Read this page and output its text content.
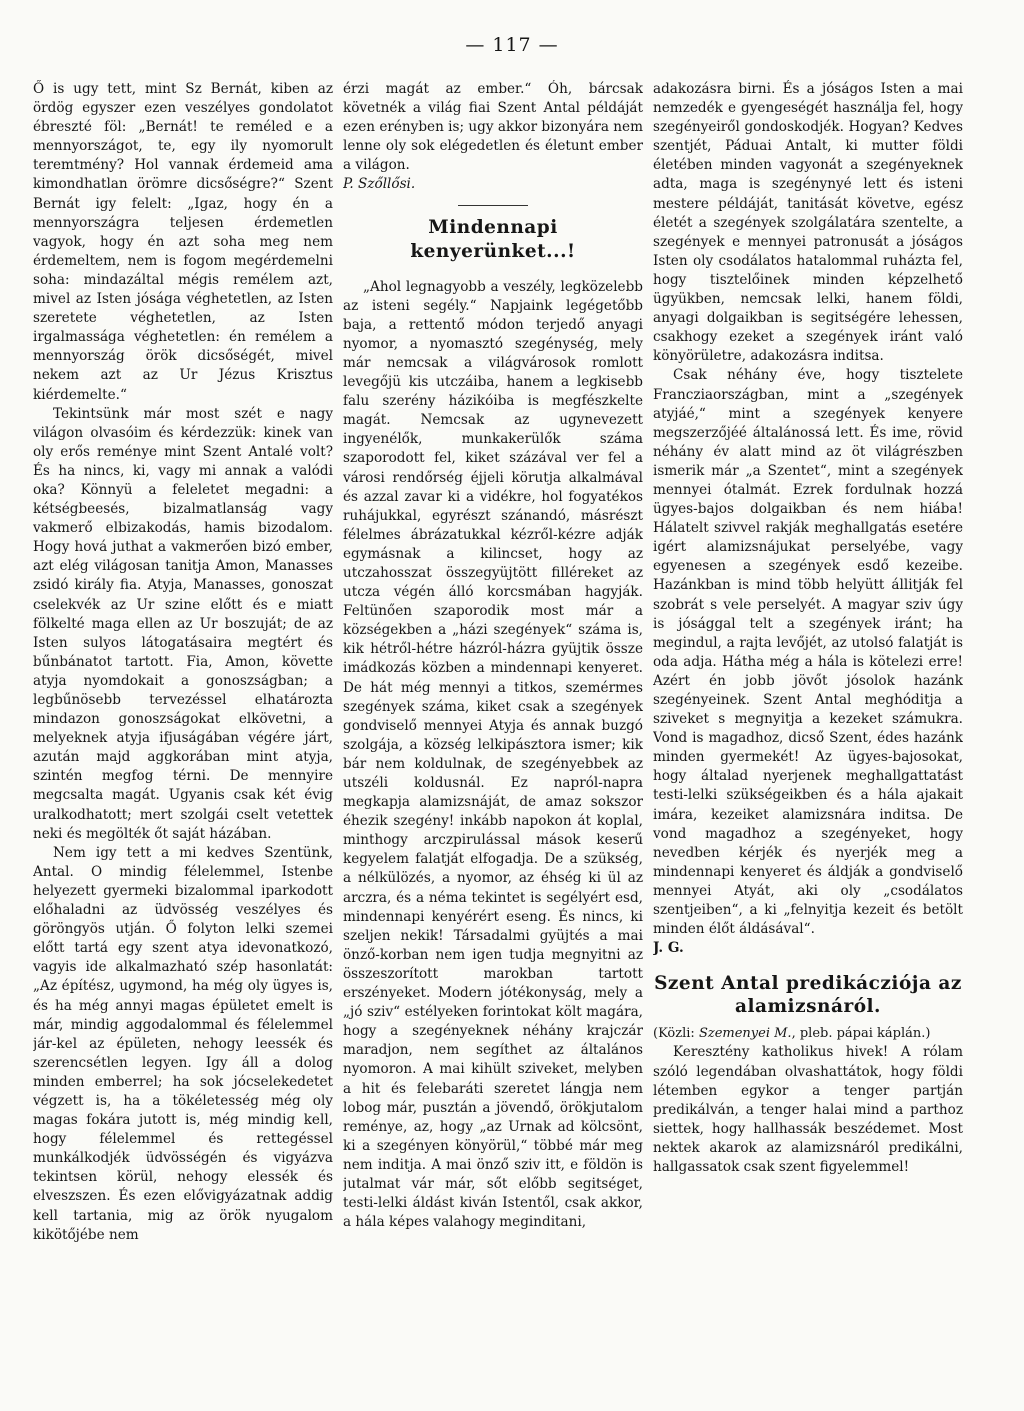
— 117 —

Ő is ugy tett, mint Sz Bernát, kiben az ördög egyszer ezen veszélyes gondolatot ébreszté föl: „Bernát! te reméled e a mennyországot, te, egy ily nyomorult teremtmény? Hol vannak érdemeid ama kimondhatlan örömre dicsőségre?“ Szent Bernát igy felelt: „Igaz, hogy én a mennyországra teljesen érdemetlen vagyok, hogy én azt soha meg nem érdemeltem, nem is fogom megérdemelni soha: mindazáltal mégis remélem azt, mivel az Isten jósága véghetetlen, az Isten szeretete véghetetlen, az Isten irgalmassága véghetetlen: én remélem a mennyország örök dicsőségét, mivel nekem azt az Ur Jézus Krisztus kiérdemelte.“

Tekintsünk már most szét e nagy világon olvasóim és kérdezzük: kinek van oly erős reménye mint Szent Antalé volt? És ha nincs, ki, vagy mi annak a valódi oka? Könnyü a feleletet megadni: a kétségbeesés, bizalmatlanság vagy vakmerő elbizakodás, hamis bizodalom. Hogy hová juthat a vakmerően bizó ember, azt elég világosan tanitja Amon, Manasses zsidó király fia. Atyja, Manasses, gonoszat cselekvék az Ur szine előtt és e miatt fölkelté maga ellen az Ur boszuját; de az Isten sulyos látogatásaira megtért és bűnbánatot tartott. Fia, Amon, követte atyja nyomdokait a gonoszságban; a legbűnösebb tervezéssel elhatározta mindazon gonoszságokat elkövetni, a melyeknek atyja ifjuságában végére járt, azután majd aggkorában mint atyja, szintén megfog térni. De mennyire megcsalta magát. Ugyanis csak két évig uralkodhatott; mert szolgái cselt vetettek neki és megölték őt saját házában.

Nem igy tett a mi kedves Szentünk, Antal. O mindig félelemmel, Istenbe helyezett gyermeki bizalommal iparkodott előhaladni az üdvösség veszélyes és göröngyös utján. Ő folyton lelki szemei előtt tartá egy szent atya idevonatkozó, vagyis ide alkalmazható szép hasonlatát: „Az építész, ugymond, ha még oly ügyes is, és ha még annyi magas épületet emelt is már, mindig aggodalommal és félelemmel jár-kel az épületen, nehogy leessék és szerencsétlen legyen. Igy áll a dolog minden emberrel; ha sok jócselekedetet végzett is, ha a tökéletesség még oly magas fokára jutott is, még mindig kell, hogy félelemmel és rettegéssel munkálkodjék üdvösségén és vigyázva tekintsen körül, nehogy elessék és elveszszen. És ezen elővigyázatnak addig kell tartania, mig az örök nyugalom kikötőjébe nem

érzi magát az ember.“ Óh, bárcsak követnék a világ fiai Szent Antal példáját ezen erényben is; ugy akkor bizonyára nem lenne oly sok elégedetlen és életunt ember a világon.

P. Szőllősi.

Mindennapi kenyerünket...!

„Ahol legnagyobb a veszély, legközelebb az isteni segély.“ Napjaink legégetőbb baja, a rettentő módon terjedő anyagi nyomor, a nyomasztó szegénység, mely már nemcsak a világvárosok romlott levegőjü kis utczáiba, hanem a legkisebb falu szerény házikóiba is megfészkelte magát. Nemcsak az ugynevezett ingyenélők, munkakerülők száma szaporodott fel, kiket százával ver fel a városi rendőrség éjjeli körutja alkalmával és azzal zavar ki a vidékre, hol fogyatékos ruhájukkal, egyrészt szánandó, másrészt félelmes ábrázatukkal kézről-kézre adják egymásnak a kilincset, hogy az utczahosszat összegyüjtött filléreket az utcza végén álló korcsmában hagyják. Feltünően szaporodik most már a községekben a „házi szegények“ száma is, kik hétről-hétre házról-házra gyüjtik össze imádkozás közben a mindennapi kenyeret. De hát még mennyi a titkos, szemérmes szegények száma, kiket csak a szegények gondviselő mennyei Atyja és annak buzgó szolgája, a község lelkipásztora ismer; kik bár nem koldulnak, de szegényebbek az utszéli koldusnál. Ez napról-napra megkapja alamizsnáját, de amaz sokszor éhezik szegény! inkább napokon át koplal, minthogy arczpirulással mások keserű kegyelem falatját elfogadja. De a szükség, a nélkülözés, a nyomor, az éhség ki ül az arczra, és a néma tekintet is segélyért esd, mindennapi kenyérért eseng. És nincs, ki szeljen nekik! Társadalmi gyüjtés a mai önző-korban nem igen tudja megnyitni az összeszorított marokban tartott erszényeket. Modern jótékonyság, mely a „jó sziv“ estélyeken forintokat költ magára, hogy a szegényeknek néhány krajczár maradjon, nem segíthet az általános nyomoron. A mai kihült sziveket, melyben a hit és felebaráti szeretet lángja nem lobog már, pusztán a jövendő, örökjutalom reménye, az, hogy „az Urnak ad kölcsönt, ki a szegényen könyörül,“ többé már meg nem inditja. A mai önző sziv itt, e földön is jutalmat vár már, sőt előbb segitséget, testi-lelki áldást kiván Istentől, csak akkor, a hála képes valahogy meginditani,

adakozásra birni. És a jóságos Isten a mai nemzedék e gyengeségét használja fel, hogy szegényeiről gondoskodjék. Hogyan? Kedves szentjét, Páduai Antalt, ki mutter földi életében minden vagyonát a szegényeknek adta, maga is szegénynyé lett és isteni mestere példáját, tanitását követve, egész életét a szegények szolgálatára szentelte, a szegények e mennyei patronusát a jóságos Isten oly csodálatos hatalommal ruházta fel, hogy tisztelőinek minden képzelhető ügyükben, nemcsak lelki, hanem földi, anyagi dolgaikban is segitségére lehessen, csakhogy ezeket a szegények iránt való könyörületre, adakozásra inditsa.

Csak néhány éve, hogy tisztelete Francziaországban, mint a „szegények atyjáé,“ mint a szegények kenyere megszerzőjéé általánossá lett. És ime, rövid néhány év alatt mind az öt világrészben ismerik már „a Szentet“, mint a szegények mennyei ótalmát. Ezrek fordulnak hozzá ügyes-bajos dolgaikban és nem hiába! Hálatelt szivvel rakják meghallgatás esetére igért alamizsnájukat perselyébe, vagy egyenesen a szegények esdő kezeibe. Hazánkban is mind több helyütt állitják fel szobrát s vele perselyét. A magyar sziv úgy is jósággal telt a szegények iránt; ha megindul, a rajta levőjét, az utolsó falatját is oda adja. Hátha még a hála is kötelezi erre! Azért én jobb jövőt jósolok hazánk szegényeinek. Szent Antal meghóditja a sziveket s megnyitja a kezeket számukra. Vond is magadhoz, dicső Szent, édes hazánk minden gyermekét! Az ügyes-bajosokat, hogy általad nyerjenek meghallgattatást testi-lelki szükségeikben és a hála ajakait imára, kezeiket alamizsnára inditsa. De vond magadhoz a szegényeket, hogy nevedben kérjék és nyerjék meg a mindennapi kenyeret és áldják a gondviselő mennyei Atyát, aki oly „csodálatos szentjeiben“, a ki „felnyitja kezeit és betölt minden élőt áldásával“.

J. G.

Szent Antal predikácziója az alamizsnáról.

(Közli: Szemenyei M., pleb. pápai káplán.)

Keresztény katholikus hivek! A rólam szóló legendában olvashattátok, hogy földi létemben egykor a tenger partján predikálván, a tenger halai mind a parthoz siettek, hogy hallhassák beszédemet. Most nektek akarok az alamizsnáról predikálni, hallgassatok csak szent figyelemmel!
